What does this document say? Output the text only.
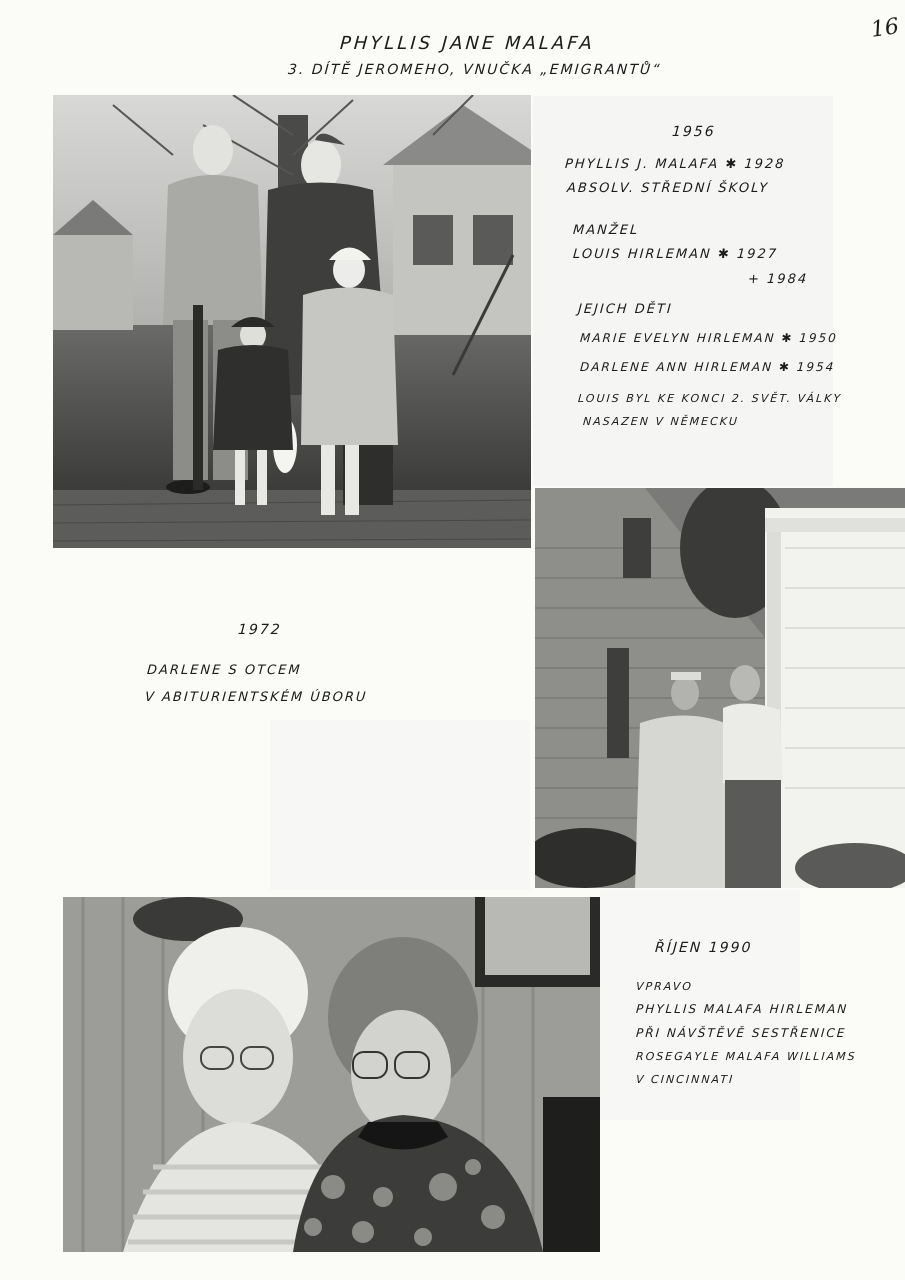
16
PHYLLIS JANE MALAFA
3. DÍTĚ JEROMEHO, VNUČKA „EMIGRANTŮ“
1956
PHYLLIS J. MALAFA ✱ 1928
ABSOLV. STŘEDNÍ ŠKOLY
MANŽEL
LOUIS HIRLEMAN ✱ 1927
+ 1984
JEJICH DĚTI
MARIE EVELYN HIRLEMAN ✱ 1950
DARLENE ANN HIRLEMAN ✱ 1954
LOUIS BYL KE KONCI 2. SVĚT. VÁLKY
NASAZEN V NĚMECKU
1972
DARLENE S OTCEM
V ABITURIENTSKÉM ÚBORU
ŘÍJEN 1990
VPRAVO
PHYLLIS MALAFA HIRLEMAN
PŘI NÁVŠTĚVĚ SESTŘENICE
ROSEGAYLE MALAFA WILLIAMS
V CINCINNATI
